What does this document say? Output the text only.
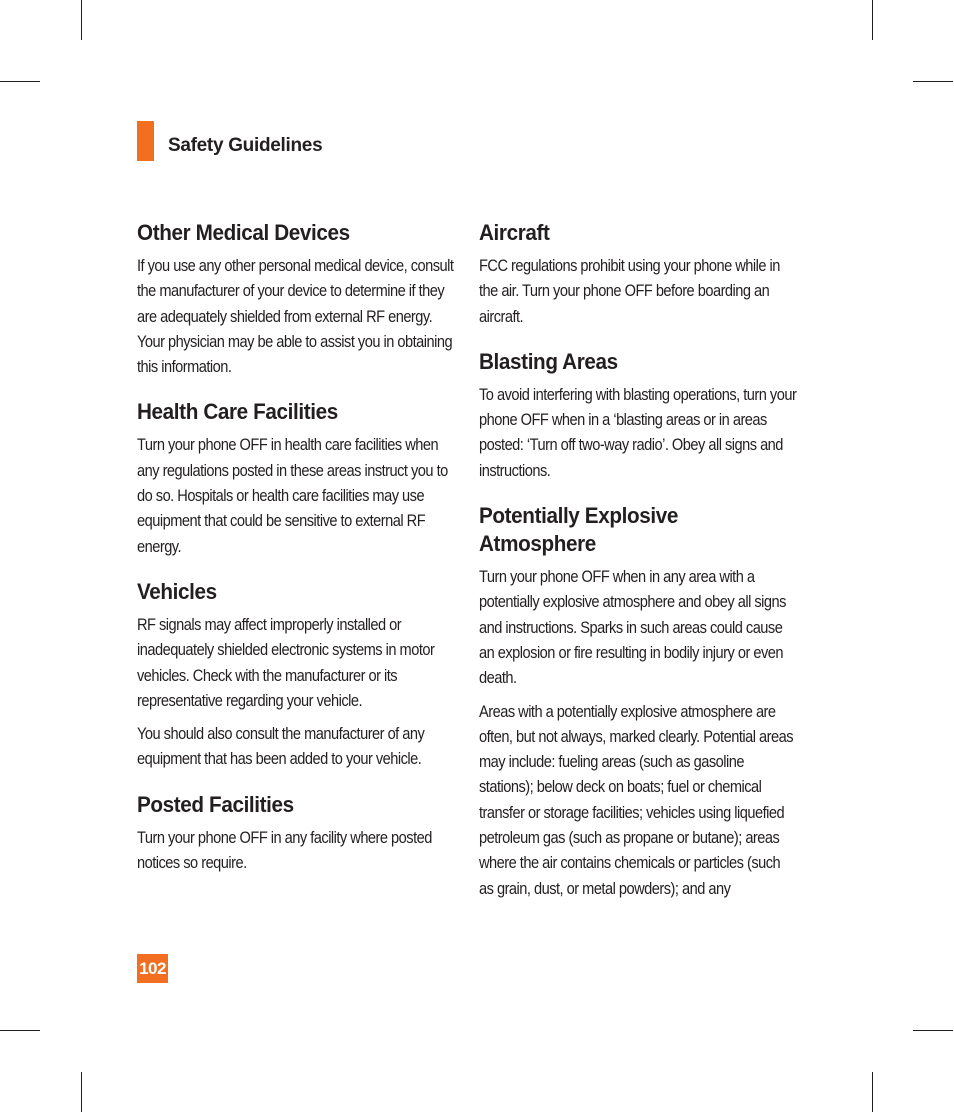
Safety Guidelines
Other Medical Devices

If you use any other personal medical device, consult the manufacturer of your device to determine if they are adequately shielded from external RF energy. Your physician may be able to assist you in obtaining this information.

Health Care Facilities

Turn your phone OFF in health care facilities when any regulations posted in these areas instruct you to do so. Hospitals or health care facilities may use equipment that could be sensitive to external RF energy.

Vehicles

RF signals may affect improperly installed or inadequately shielded electronic systems in motor vehicles. Check with the manufacturer or its representative regarding your vehicle.

You should also consult the manufacturer of any equipment that has been added to your vehicle.

Posted Facilities

Turn your phone OFF in any facility where posted notices so require.

Aircraft

FCC regulations prohibit using your phone while in the air. Turn your phone OFF before boarding an aircraft.

Blasting Areas

To avoid interfering with blasting operations, turn your phone OFF when in a ‘blasting areas or in areas posted: ‘Turn off two-way radio’. Obey all signs and instructions.

Potentially Explosive Atmosphere

Turn your phone OFF when in any area with a potentially explosive atmosphere and obey all signs and instructions. Sparks in such areas could cause an explosion or fire resulting in bodily injury or even death.

Areas with a potentially explosive atmosphere are often, but not always, marked clearly. Potential areas may include: fueling areas (such as gasoline stations); below deck on boats; fuel or chemical transfer or storage facilities; vehicles using liquefied petroleum gas (such as propane or butane); areas where the air contains chemicals or particles (such as grain, dust, or metal powders); and any

102
